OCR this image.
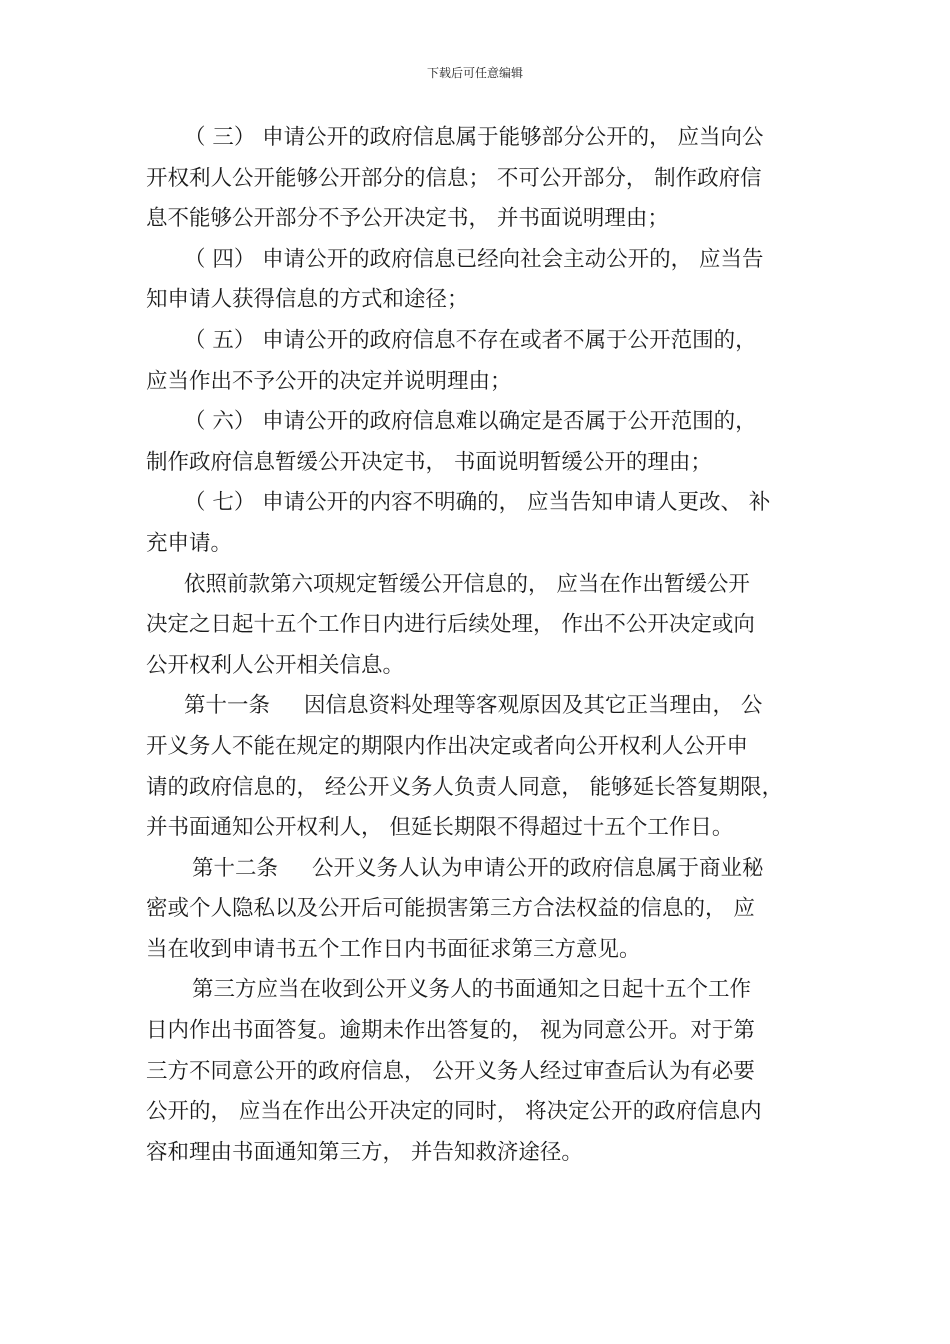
下载后可任意编辑

（ 三） 申请公开的政府信息属于能够部分公开的， 应当向公
开权利人公开能够公开部分的信息； 不可公开部分， 制作政府信
息不能够公开部分不予公开决定书， 并书面说明理由；

（ 四） 申请公开的政府信息已经向社会主动公开的， 应当告
知申请人获得信息的方式和途径；

（ 五） 申请公开的政府信息不存在或者不属于公开范围的，
应当作出不予公开的决定并说明理由；

（ 六） 申请公开的政府信息难以确定是否属于公开范围的，
制作政府信息暂缓公开决定书， 书面说明暂缓公开的理由；

（ 七） 申请公开的内容不明确的， 应当告知申请人更改、 补
充申请。

依照前款第六项规定暂缓公开信息的， 应当在作出暂缓公开
决定之日起十五个工作日内进行后续处理， 作出不公开决定或向
公开权利人公开相关信息。

第十一条 因信息资料处理等客观原因及其它正当理由， 公
开义务人不能在规定的期限内作出决定或者向公开权利人公开申
请的政府信息的， 经公开义务人负责人同意， 能够延长答复期限，
并书面通知公开权利人， 但延长期限不得超过十五个工作日。

第十二条 公开义务人认为申请公开的政府信息属于商业秘
密或个人隐私以及公开后可能损害第三方合法权益的信息的， 应
当在收到申请书五个工作日内书面征求第三方意见。

第三方应当在收到公开义务人的书面通知之日起十五个工作
日内作出书面答复。逾期未作出答复的， 视为同意公开。对于第
三方不同意公开的政府信息， 公开义务人经过审查后认为有必要
公开的， 应当在作出公开决定的同时， 将决定公开的政府信息内
容和理由书面通知第三方， 并告知救济途径。
